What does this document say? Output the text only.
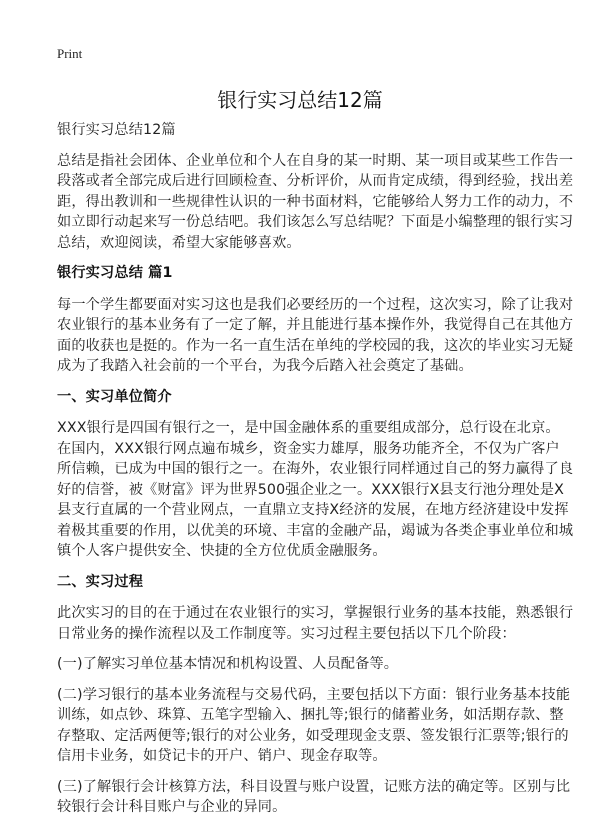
Print
银行实习总结12篇
银行实习总结12篇
总结是指社会团体、企业单位和个人在自身的某一时期、某一项目或某些工作告一
段落或者全部完成后进行回顾检查、分析评价，从而肯定成绩，得到经验，找出差
距，得出教训和一些规律性认识的一种书面材料，它能够给人努力工作的动力，不
如立即行动起来写一份总结吧。我们该怎么写总结呢？下面是小编整理的银行实习
总结，欢迎阅读，希望大家能够喜欢。
银行实习总结 篇1
每一个学生都要面对实习这也是我们必要经历的一个过程，这次实习，除了让我对
农业银行的基本业务有了一定了解，并且能进行基本操作外，我觉得自己在其他方
面的收获也是挺的。作为一名一直生活在单纯的学校园的我，这次的毕业实习无疑
成为了我踏入社会前的一个平台，为我今后踏入社会奠定了基础。
一、实习单位简介
XXX银行是四国有银行之一，是中国金融体系的重要组成部分，总行设在北京。
在国内，XXX银行网点遍布城乡，资金实力雄厚，服务功能齐全，不仅为广客户
所信赖，已成为中国的银行之一。在海外，农业银行同样通过自己的努力赢得了良
好的信誉，被《财富》评为世界500强企业之一。XXX银行X县支行池分理处是X
县支行直属的一个营业网点，一直鼎立支持X经济的发展，在地方经济建设中发挥
着极其重要的作用，以优美的环境、丰富的金融产品，竭诚为各类企事业单位和城
镇个人客户提供安全、快捷的全方位优质金融服务。
二、实习过程
此次实习的目的在于通过在农业银行的实习，掌握银行业务的基本技能，熟悉银行
日常业务的操作流程以及工作制度等。实习过程主要包括以下几个阶段：
(一)了解实习单位基本情况和机构设置、人员配备等。
(二)学习银行的基本业务流程与交易代码，主要包括以下方面：银行业务基本技能
训练，如点钞、珠算、五笔字型输入、捆扎等;银行的储蓄业务，如活期存款、整
存整取、定活两便等;银行的对公业务，如受理现金支票、签发银行汇票等;银行的
信用卡业务，如贷记卡的开户、销户、现金存取等。
(三)了解银行会计核算方法，科目设置与账户设置，记账方法的确定等。区别与比
较银行会计科目账户与企业的异同。
